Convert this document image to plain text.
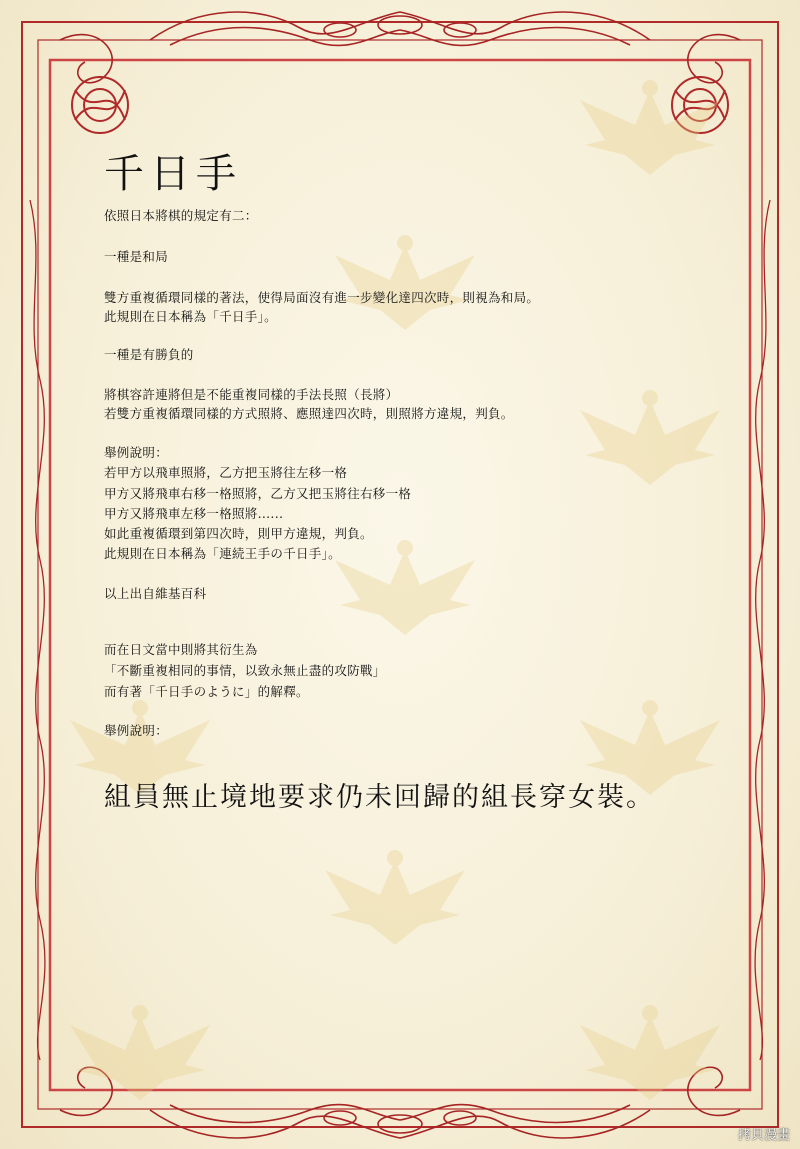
千日手
依照日本將棋的規定有二：
一種是和局
雙方重複循環同樣的著法，使得局面沒有進一步變化達四次時，則視為和局。
此規則在日本稱為「千日手」。
一種是有勝負的
將棋容許連將但是不能重複同樣的手法長照（長將）
若雙方重複循環同樣的方式照將、應照達四次時，則照將方違規，判負。
舉例說明：
若甲方以飛車照將，乙方把玉將往左移一格
甲方又將飛車右移一格照將，乙方又把玉將往右移一格
甲方又將飛車左移一格照將......
如此重複循環到第四次時，則甲方違規，判負。
此規則在日本稱為「連続王手の千日手」。
以上出自維基百科
而在日文當中則將其衍生為
「不斷重複相同的事情，以致永無止盡的攻防戰」
而有著「千日手のように」的解釋。
舉例說明：
組員無止境地要求仍未回歸的組長穿女裝。
拷貝漫畫
